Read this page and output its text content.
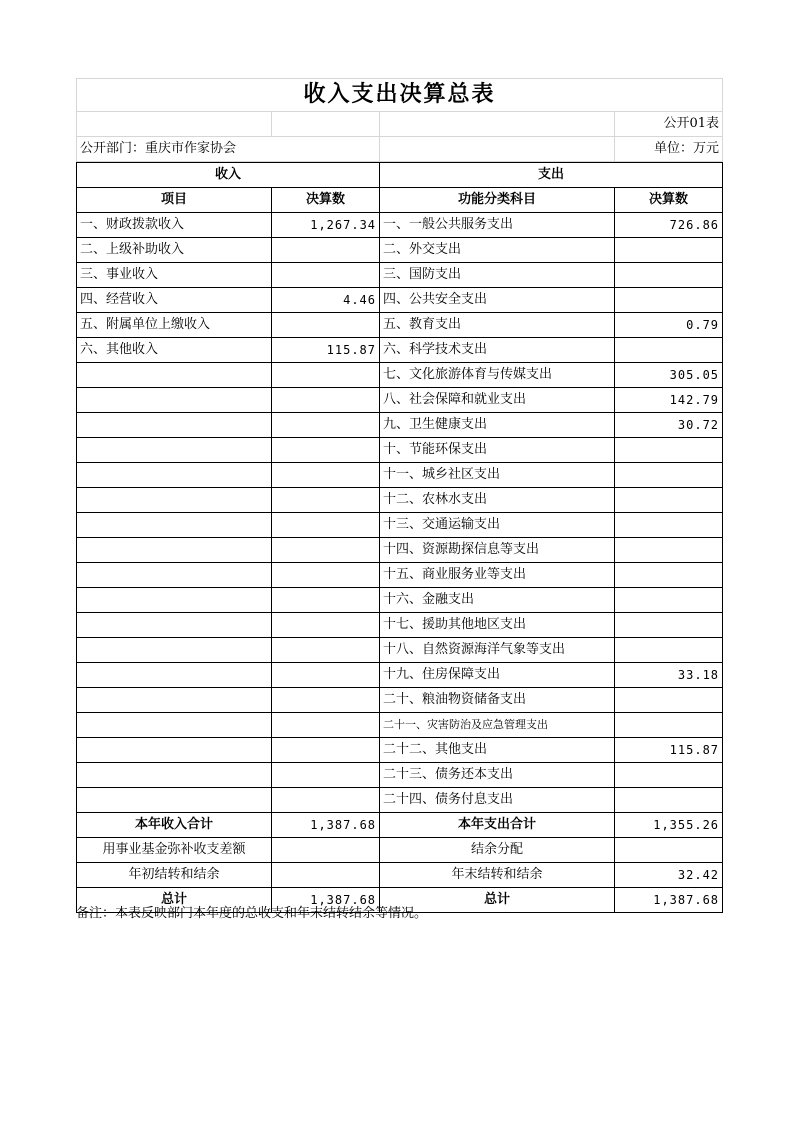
收入支出决算总表			
			公开01表
公开部门：重庆市作家协会			单位：万元
收入		支出	
项目	决算数	功能分类科目	决算数
一、财政拨款收入	1,267.34	一、一般公共服务支出	726.86
二、上级补助收入		二、外交支出	
三、事业收入		三、国防支出	
四、经营收入	4.46	四、公共安全支出	
五、附属单位上缴收入		五、教育支出	0.79
六、其他收入	115.87	六、科学技术支出	
		七、文化旅游体育与传媒支出	305.05
		八、社会保障和就业支出	142.79
		九、卫生健康支出	30.72
		十、节能环保支出	
		十一、城乡社区支出	
		十二、农林水支出	
		十三、交通运输支出	
		十四、资源勘探信息等支出	
		十五、商业服务业等支出	
		十六、金融支出	
		十七、援助其他地区支出	
		十八、自然资源海洋气象等支出	
		十九、住房保障支出	33.18
		二十、粮油物资储备支出	
		二十一、灾害防治及应急管理支出	
		二十二、其他支出	115.87
		二十三、债务还本支出	
		二十四、债务付息支出	
本年收入合计	1,387.68	本年支出合计	1,355.26
用事业基金弥补收支差额		结余分配	
年初结转和结余		年末结转和结余	32.42
总计	1,387.68	总计	1,387.68
备注：本表反映部门本年度的总收支和年末结转结余等情况。
